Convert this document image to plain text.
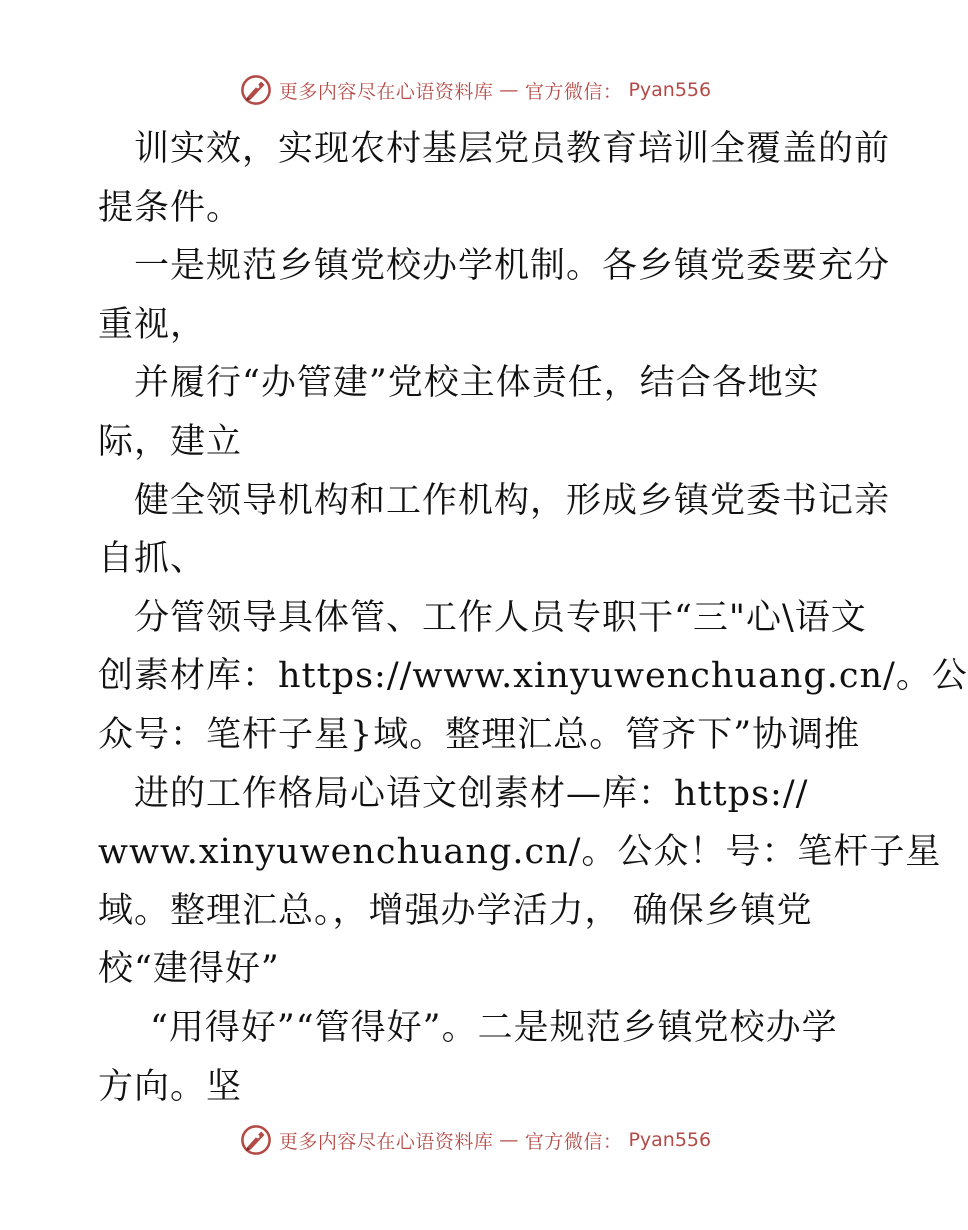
更多内容尽在心语资料库 — 官方微信： Pyan556
训实效，实现农村基层党员教育培训全覆盖的前
提条件。
一是规范乡镇党校办学机制。各乡镇党委要充分
重视，
并履行“办管建”党校主体责任，结合各地实
际，建立
健全领导机构和工作机构，形成乡镇党委书记亲
自抓、
分管领导具体管、工作人员专职干“三"心\语文
创素材库：https://www.xinyuwenchuang.cn/。公
众号：笔杆子星}域。整理汇总。管齐下”协调推
进的工作格局心语文创素材—库：https://
www.xinyuwenchuang.cn/。公众！号：笔杆子星
域。整理汇总。，增强办学活力， 确保乡镇党
校“建得好”
“用得好”“管得好”。二是规范乡镇党校办学
方向。坚
更多内容尽在心语资料库 — 官方微信： Pyan556
